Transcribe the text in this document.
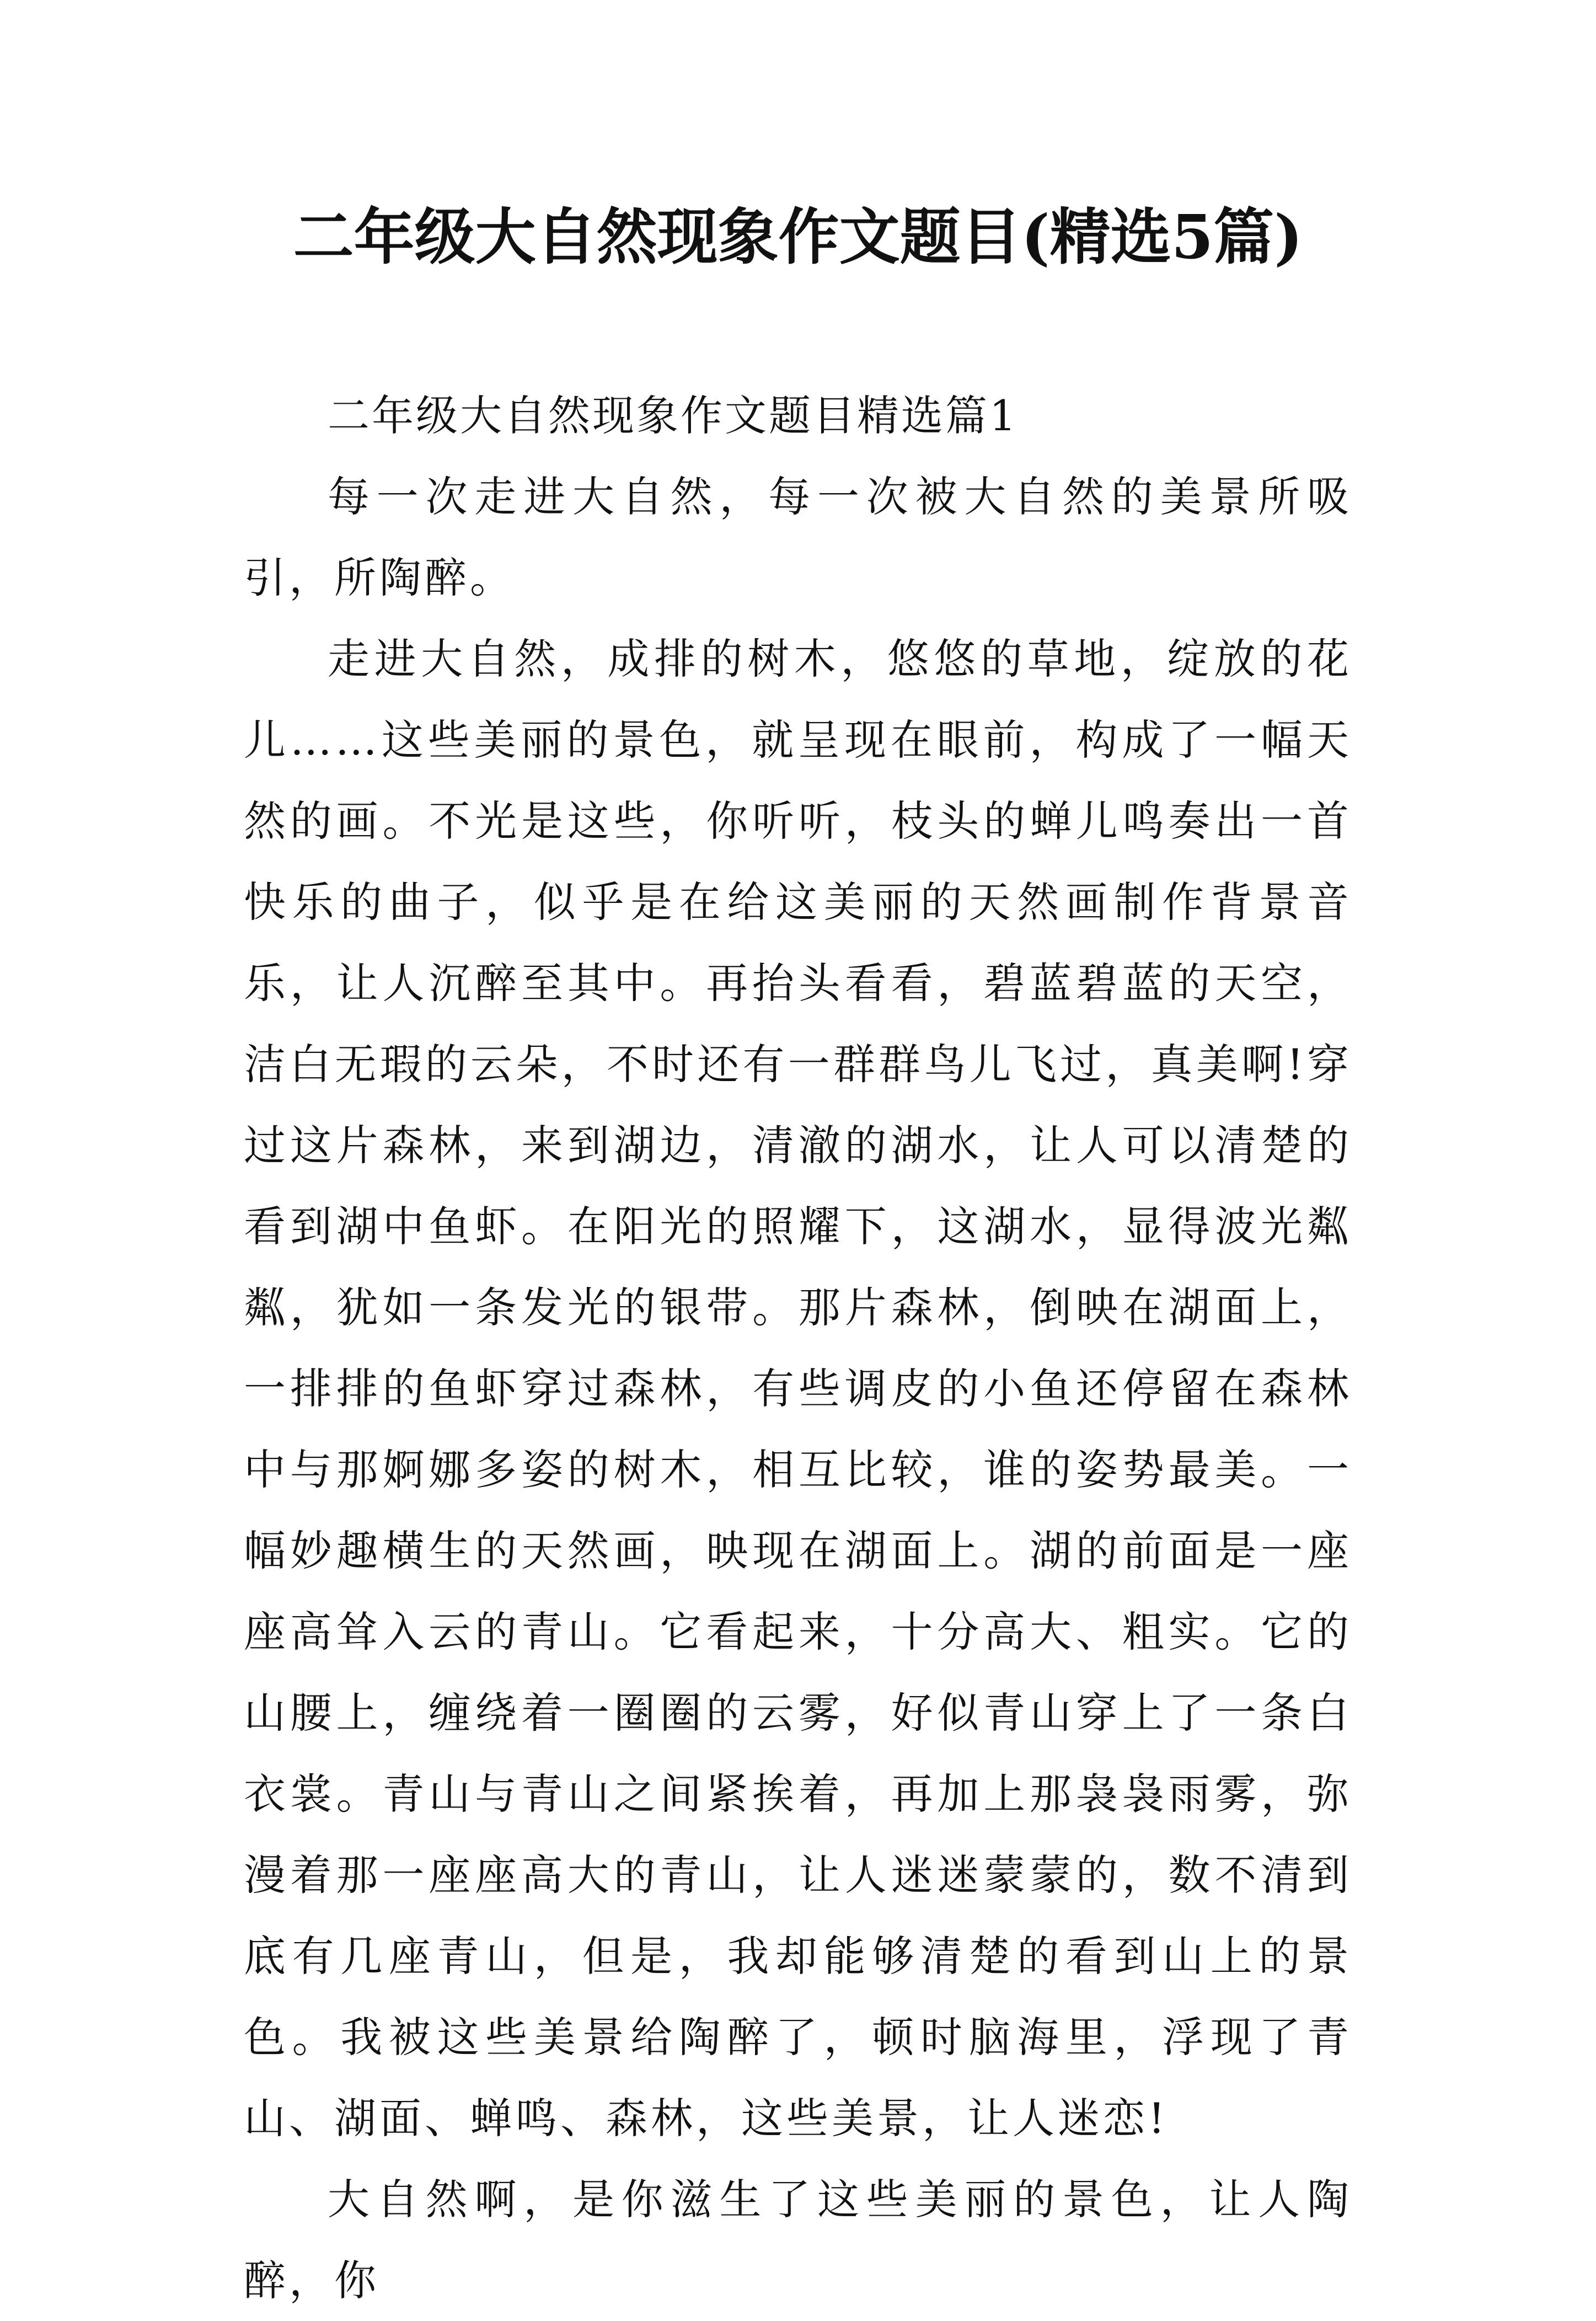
二年级大自然现象作文题目(精选5篇)

二年级大自然现象作文题目精选篇1

每一次走进大自然，每一次被大自然的美景所吸引，所陶醉。

走进大自然，成排的树木，悠悠的草地，绽放的花儿……这些美丽的景色，就呈现在眼前，构成了一幅天然的画。不光是这些，你听听，枝头的蝉儿鸣奏出一首快乐的曲子，似乎是在给这美丽的天然画制作背景音乐，让人沉醉至其中。再抬头看看，碧蓝碧蓝的天空，洁白无瑕的云朵，不时还有一群群鸟儿飞过，真美啊!穿过这片森林，来到湖边，清澈的湖水，让人可以清楚的看到湖中鱼虾。在阳光的照耀下，这湖水，显得波光粼粼，犹如一条发光的银带。那片森林，倒映在湖面上，一排排的鱼虾穿过森林，有些调皮的小鱼还停留在森林中与那婀娜多姿的树木，相互比较，谁的姿势最美。一幅妙趣横生的天然画，映现在湖面上。湖的前面是一座座高耸入云的青山。它看起来，十分高大、粗实。它的山腰上，缠绕着一圈圈的云雾，好似青山穿上了一条白衣裳。青山与青山之间紧挨着，再加上那袅袅雨雾，弥漫着那一座座高大的青山，让人迷迷蒙蒙的，数不清到底有几座青山，但是，我却能够清楚的看到山上的景色。我被这些美景给陶醉了，顿时脑海里，浮现了青山、湖面、蝉鸣、森林，这些美景，让人迷恋!

大自然啊，是你滋生了这些美丽的景色，让人陶醉，你
